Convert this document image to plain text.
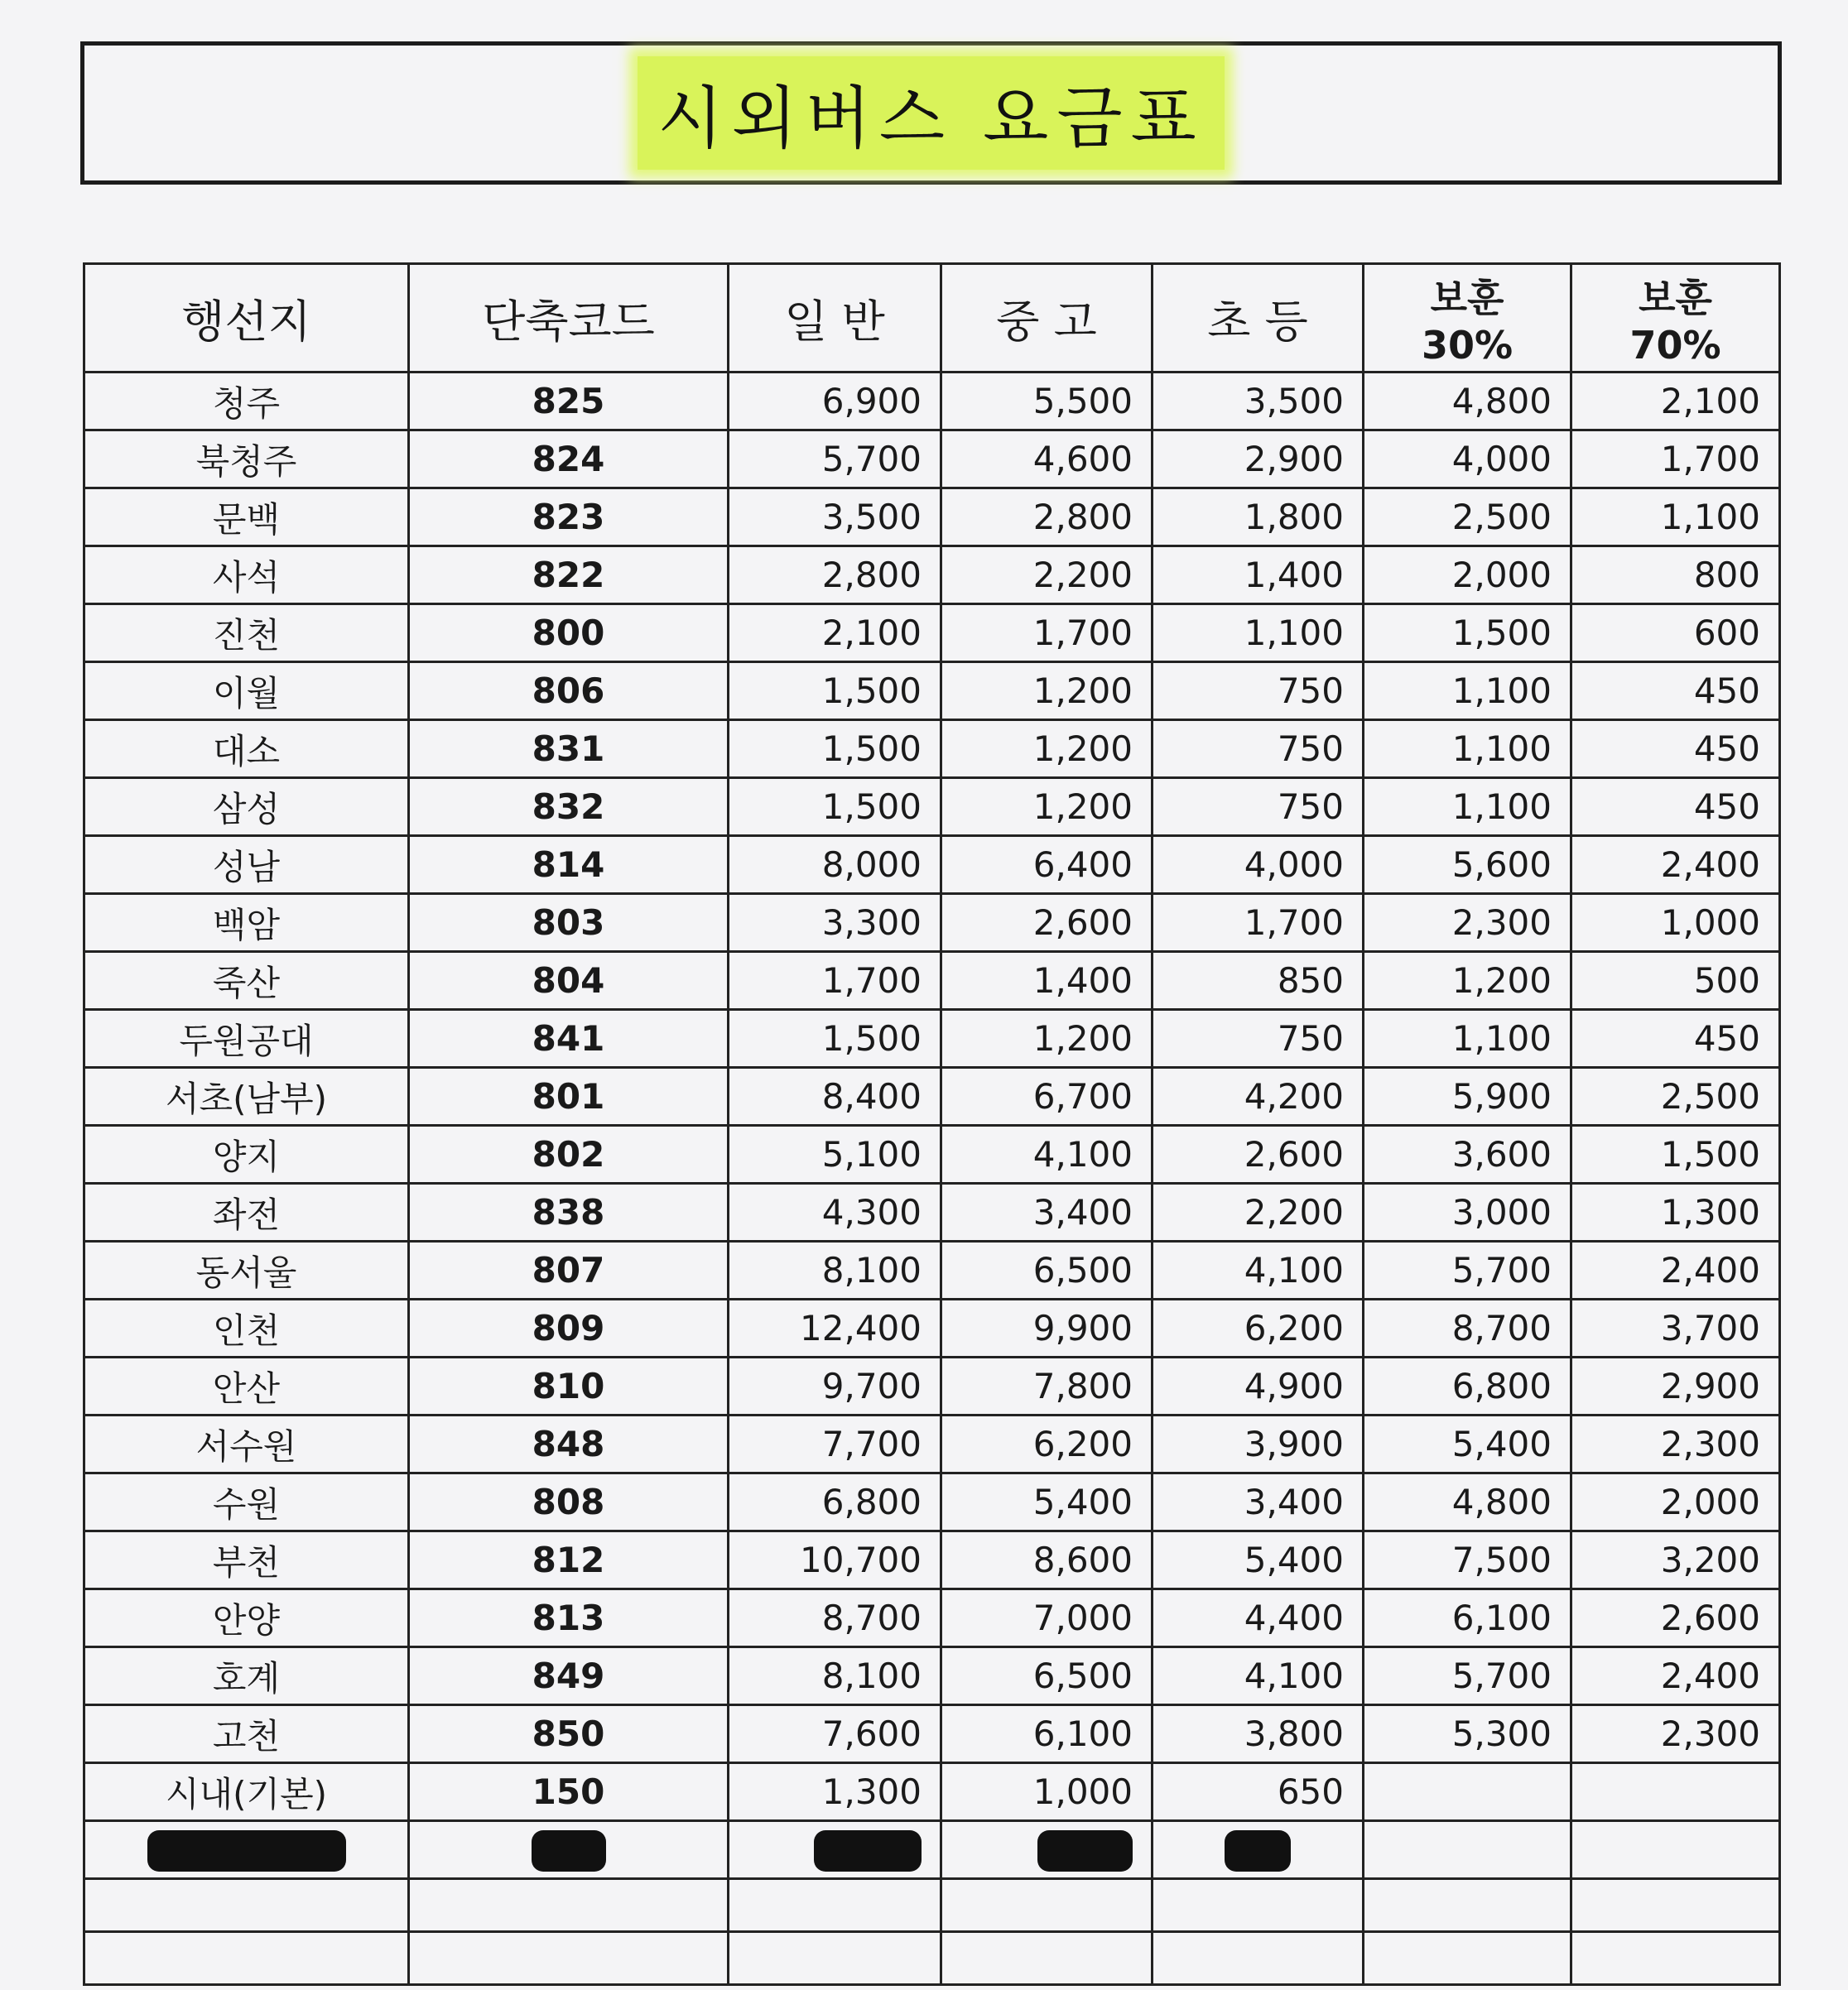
시외버스 요금표
행선지	단축코드	일 반	중 고	초 등	보훈 30%	보훈 70%
청주	825	6,900	5,500	3,500	4,800	2,100
북청주	824	5,700	4,600	2,900	4,000	1,700
문백	823	3,500	2,800	1,800	2,500	1,100
사석	822	2,800	2,200	1,400	2,000	800
진천	800	2,100	1,700	1,100	1,500	600
이월	806	1,500	1,200	750	1,100	450
대소	831	1,500	1,200	750	1,100	450
삼성	832	1,500	1,200	750	1,100	450
성남	814	8,000	6,400	4,000	5,600	2,400
백암	803	3,300	2,600	1,700	2,300	1,000
죽산	804	1,700	1,400	850	1,200	500
두원공대	841	1,500	1,200	750	1,100	450
서초(남부)	801	8,400	6,700	4,200	5,900	2,500
양지	802	5,100	4,100	2,600	3,600	1,500
좌전	838	4,300	3,400	2,200	3,000	1,300
동서울	807	8,100	6,500	4,100	5,700	2,400
인천	809	12,400	9,900	6,200	8,700	3,700
안산	810	9,700	7,800	4,900	6,800	2,900
서수원	848	7,700	6,200	3,900	5,400	2,300
수원	808	6,800	5,400	3,400	4,800	2,000
부천	812	10,700	8,600	5,400	7,500	3,200
안양	813	8,700	7,000	4,400	6,100	2,600
호계	849	8,100	6,500	4,100	5,700	2,400
고천	850	7,600	6,100	3,800	5,300	2,300
시내(기본)	150	1,300	1,000	650		
